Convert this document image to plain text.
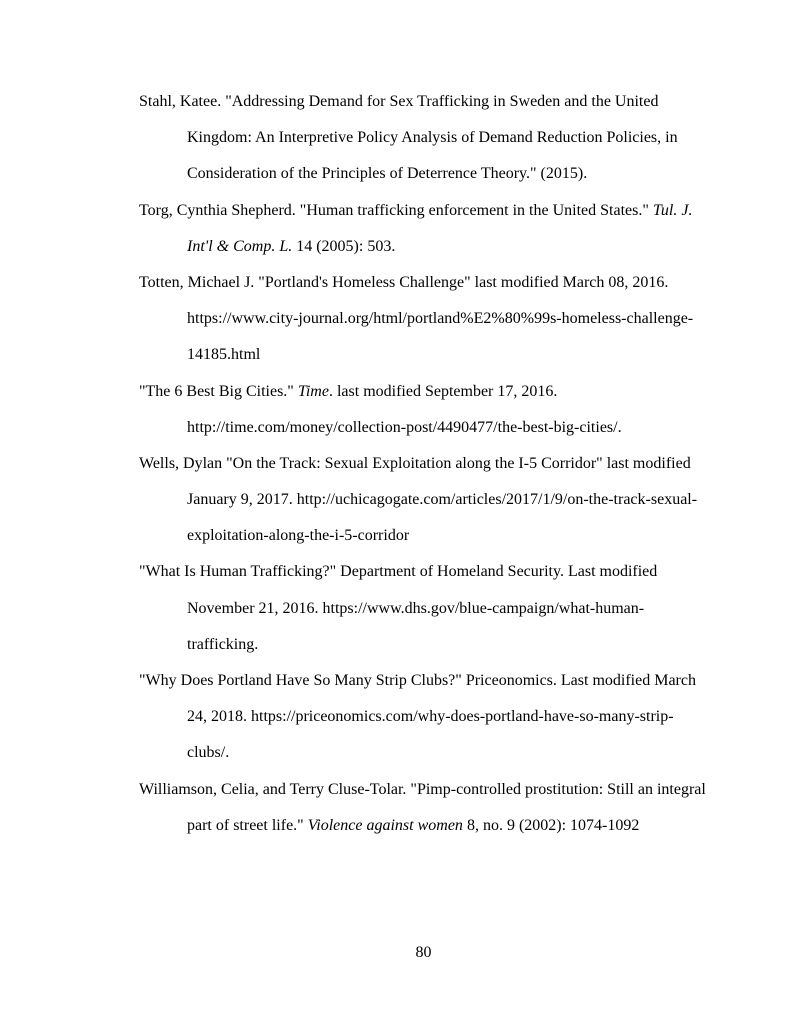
Stahl, Katee. "Addressing Demand for Sex Trafficking in Sweden and the United
Kingdom: An Interpretive Policy Analysis of Demand Reduction Policies, in
Consideration of the Principles of Deterrence Theory." (2015).
Torg, Cynthia Shepherd. "Human trafficking enforcement in the United States." Tul. J.
Int'l & Comp. L. 14 (2005): 503.
Totten, Michael J. "Portland's Homeless Challenge" last modified March 08, 2016.
https://www.city-journal.org/html/portland%E2%80%99s-homeless-challenge-
14185.html
"The 6 Best Big Cities." Time. last modified September 17, 2016.
http://time.com/money/collection-post/4490477/the-best-big-cities/.
Wells, Dylan "On the Track: Sexual Exploitation along the I-5 Corridor" last modified
January 9, 2017. http://uchicagogate.com/articles/2017/1/9/on-the-track-sexual-
exploitation-along-the-i-5-corridor
"What Is Human Trafficking?" Department of Homeland Security. Last modified
November 21, 2016. https://www.dhs.gov/blue-campaign/what-human-
trafficking.
"Why Does Portland Have So Many Strip Clubs?" Priceonomics. Last modified March
24, 2018. https://priceonomics.com/why-does-portland-have-so-many-strip-
clubs/.
Williamson, Celia, and Terry Cluse-Tolar. "Pimp-controlled prostitution: Still an integral
part of street life." Violence against women 8, no. 9 (2002): 1074-1092
80
